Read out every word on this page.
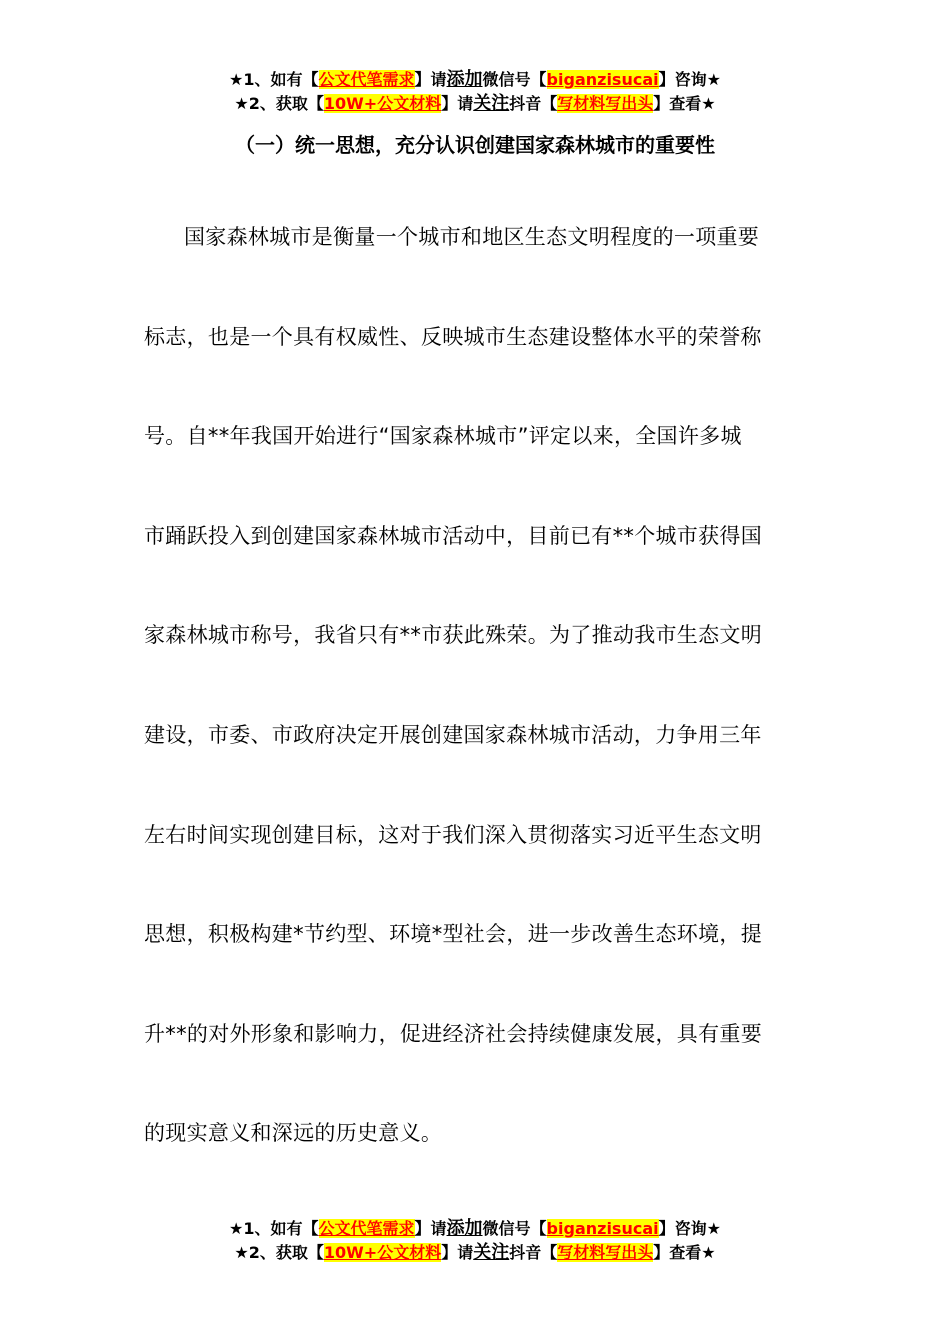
★1、如有【公文代笔需求】请添加微信号【biganzisucai】咨询★
★2、获取【10W+公文材料】请关注抖音【写材料写出头】查看★
（一）统一思想，充分认识创建国家森林城市的重要性
国家森林城市是衡量一个城市和地区生态文明程度的一项重要
标志，也是一个具有权威性、反映城市生态建设整体水平的荣誉称
号。自**年我国开始进行“国家森林城市”评定以来，全国许多城
市踊跃投入到创建国家森林城市活动中，目前已有**个城市获得国
家森林城市称号，我省只有**市获此殊荣。为了推动我市生态文明
建设，市委、市政府决定开展创建国家森林城市活动，力争用三年
左右时间实现创建目标，这对于我们深入贯彻落实习近平生态文明
思想，积极构建*节约型、环境*型社会，进一步改善生态环境，提
升**的对外形象和影响力，促进经济社会持续健康发展，具有重要
的现实意义和深远的历史意义。
★1、如有【公文代笔需求】请添加微信号【biganzisucai】咨询★
★2、获取【10W+公文材料】请关注抖音【写材料写出头】查看★
